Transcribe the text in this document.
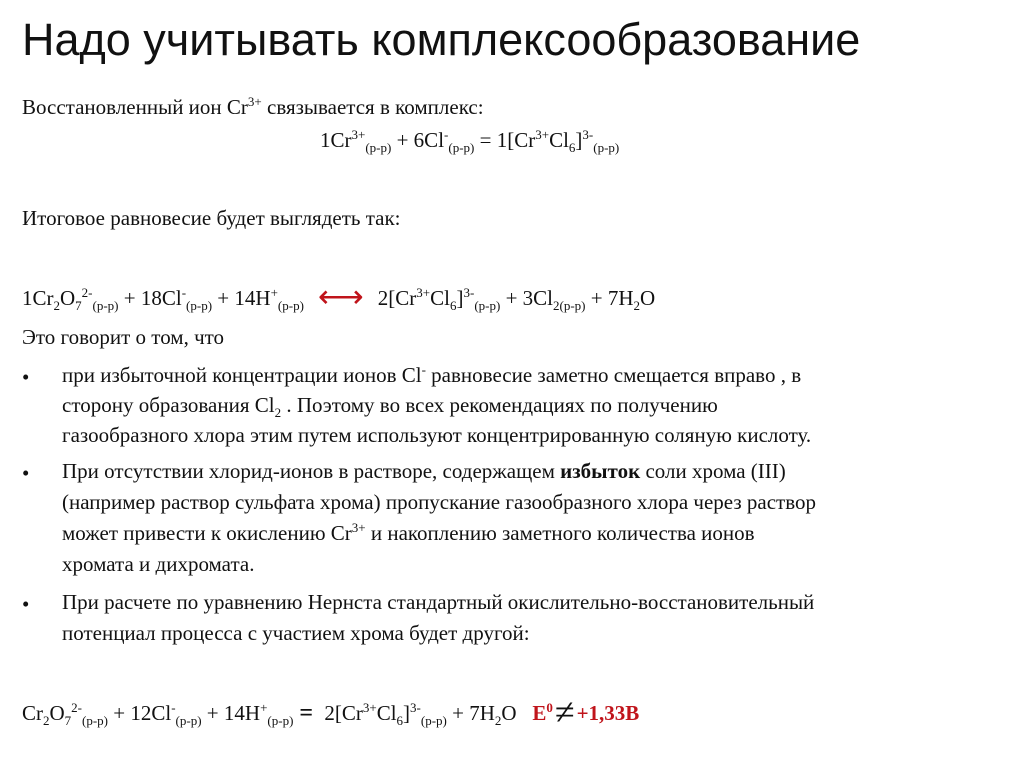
Надо учитывать комплексообразование
Восстановленный ион $Cr^{3+}$ связывается в комплекс:
$1Cr^{3+}_{(р-р)} + 6Cl^-_{(р-р)} = 1[Cr^{3+}Cl_6]^{3-}_{(р-р)}$
Итоговое равновесие будет выглядеть так:
$1Cr_2O_7^{2-}_{(р-р)} + 18Cl^-_{(р-р)} + 14H^+_{(р-р)}$ ⟷ $2[Cr^{3+}Cl_6]^{3-}_{(р-р)} + 3Cl_{2(р-р)} + 7H_2O$
Это говорит о том, что
• при избыточной концентрации ионов Cl- равновесие заметно смещается вправо , в
сторону образования $Cl_2$ . Поэтому во всех рекомендациях по получению
газообразного хлора этим путем используют концентрированную соляную кислоту.
• При отсутствии хлорид-ионов в растворе, содержащем избыток соли хрома (III)
(например раствор сульфата хрома) пропускание газообразного хлора через раствор
может привести к окислению $Cr^{3+}$ и накоплению заметного количества ионов
хромата и дихромата.
• При расчете по уравнению Нернста стандартный окислительно-восстановительный
потенциал процесса с участием хрома будет другой:
$Cr_2O_7^{2-}_{(р-р)} + 12Cl^-_{(р-р)} + 14H^+_{(р-р)} = 2[Cr^{3+}Cl_6]^{3-}_{(р-р)} + 7H_2O$   $E^0\ne+1,33В$
